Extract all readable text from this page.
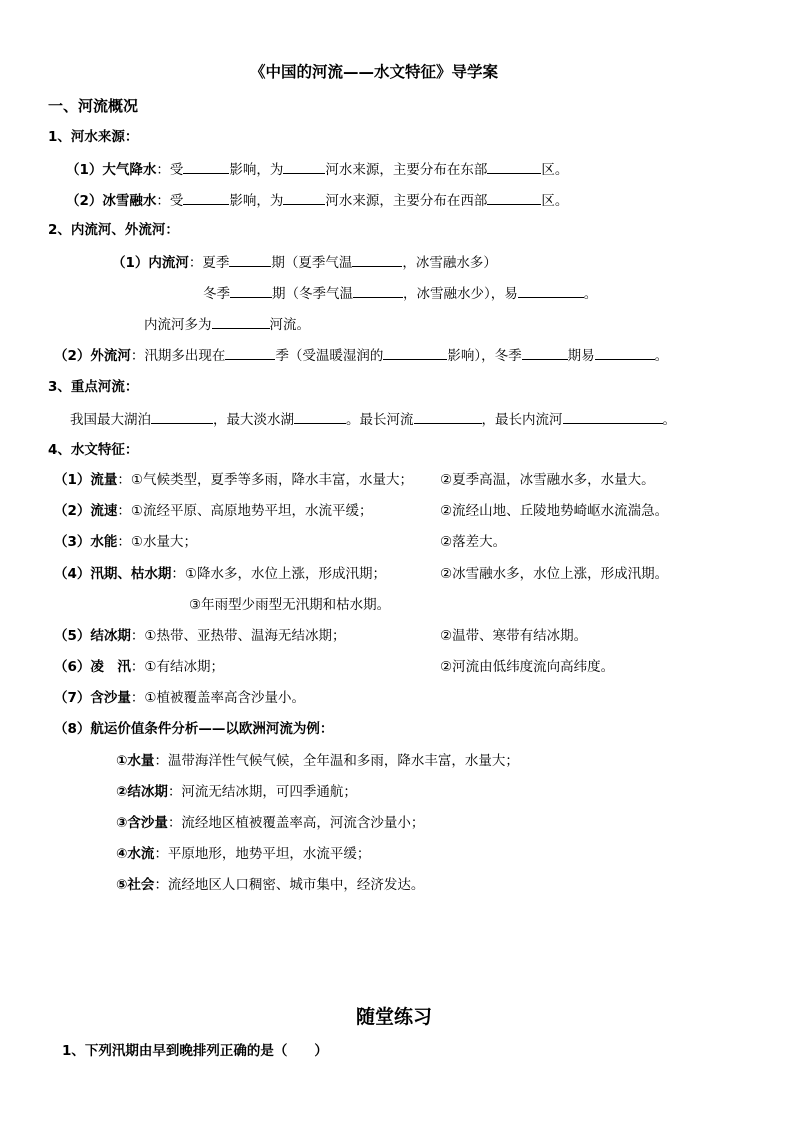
《中国的河流——水文特征》导学案
一、河流概况
1、河水来源：
（1）大气降水：受	影响，为	河水来源，主要分布在东部	区。
（2）冰雪融水：受	影响，为	河水来源，主要分布在西部	区。
2、内流河、外流河：
（1）内流河：夏季	期（夏季气温	，冰雪融水多）
冬季	期（冬季气温	，冰雪融水少），易	。
内流河多为	河流。
（2）外流河：汛期多出现在	季（受温暖湿润的	影响），冬季	期易	。
3、重点河流：
我国最大湖泊	，最大淡水湖	。最长河流	，最长内流河	。
4、水文特征：
（1）流量：①气候类型，夏季等多雨，降水丰富，水量大； ②夏季高温，冰雪融水多，水量大。
（2）流速：①流经平原、高原地势平坦，水流平缓；	②流经山地、丘陵地势崎岖水流湍急。
（3）水能：①水量大；	②落差大。
（4）汛期、枯水期：①降水多，水位上涨，形成汛期；	②冰雪融水多，水位上涨，形成汛期。
③年雨型少雨型无汛期和枯水期。
（5）结冰期：①热带、亚热带、温海无结冰期；	②温带、寒带有结冰期。
（6）凌　汛：①有结冰期；	②河流由低纬度流向高纬度。
（7）含沙量：①植被覆盖率高含沙量小。
（8）航运价值条件分析——以欧洲河流为例：
①水量：温带海洋性气候气候，全年温和多雨，降水丰富，水量大；
②结冰期：河流无结冰期，可四季通航；
③含沙量：流经地区植被覆盖率高，河流含沙量小；
④水流：平原地形，地势平坦，水流平缓；
⑤社会：流经地区人口稠密、城市集中，经济发达。
随堂练习
1、下列汛期由早到晚排列正确的是（　　）
